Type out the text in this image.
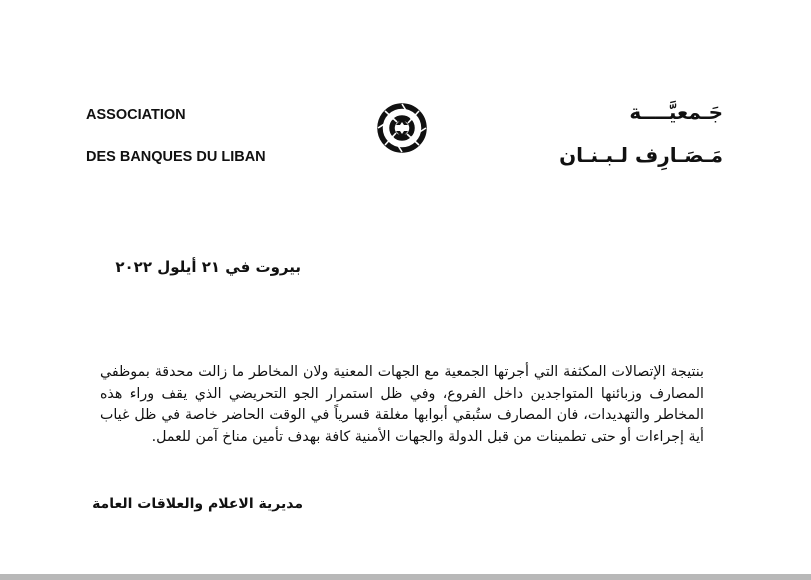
ASSOCIATION
DES BANQUES DU LIBAN
جَـمعيَّــــة
مَـصَـارِف لـبـنـان
بيروت في ٢١ أيلول ٢٠٢٢
بنتيجة الإتصالات المكثفة التي أجرتها الجمعية مع الجهات المعنية ولان المخاطر ما زالت محدقة بموظفي المصارف وزبائنها المتواجدين داخل الفروع، وفي ظل استمرار الجو التحريضي الذي يقف وراء هذه المخاطر والتهديدات، فان المصارف ستُبقي أبوابها مغلقة قسرياً في الوقت الحاضر خاصة في ظل غياب أية إجراءات أو حتى تطمينات من قبل الدولة والجهات الأمنية كافة بهدف تأمين مناخ آمن للعمل.
مديرية الاعلام والعلاقات العامة
